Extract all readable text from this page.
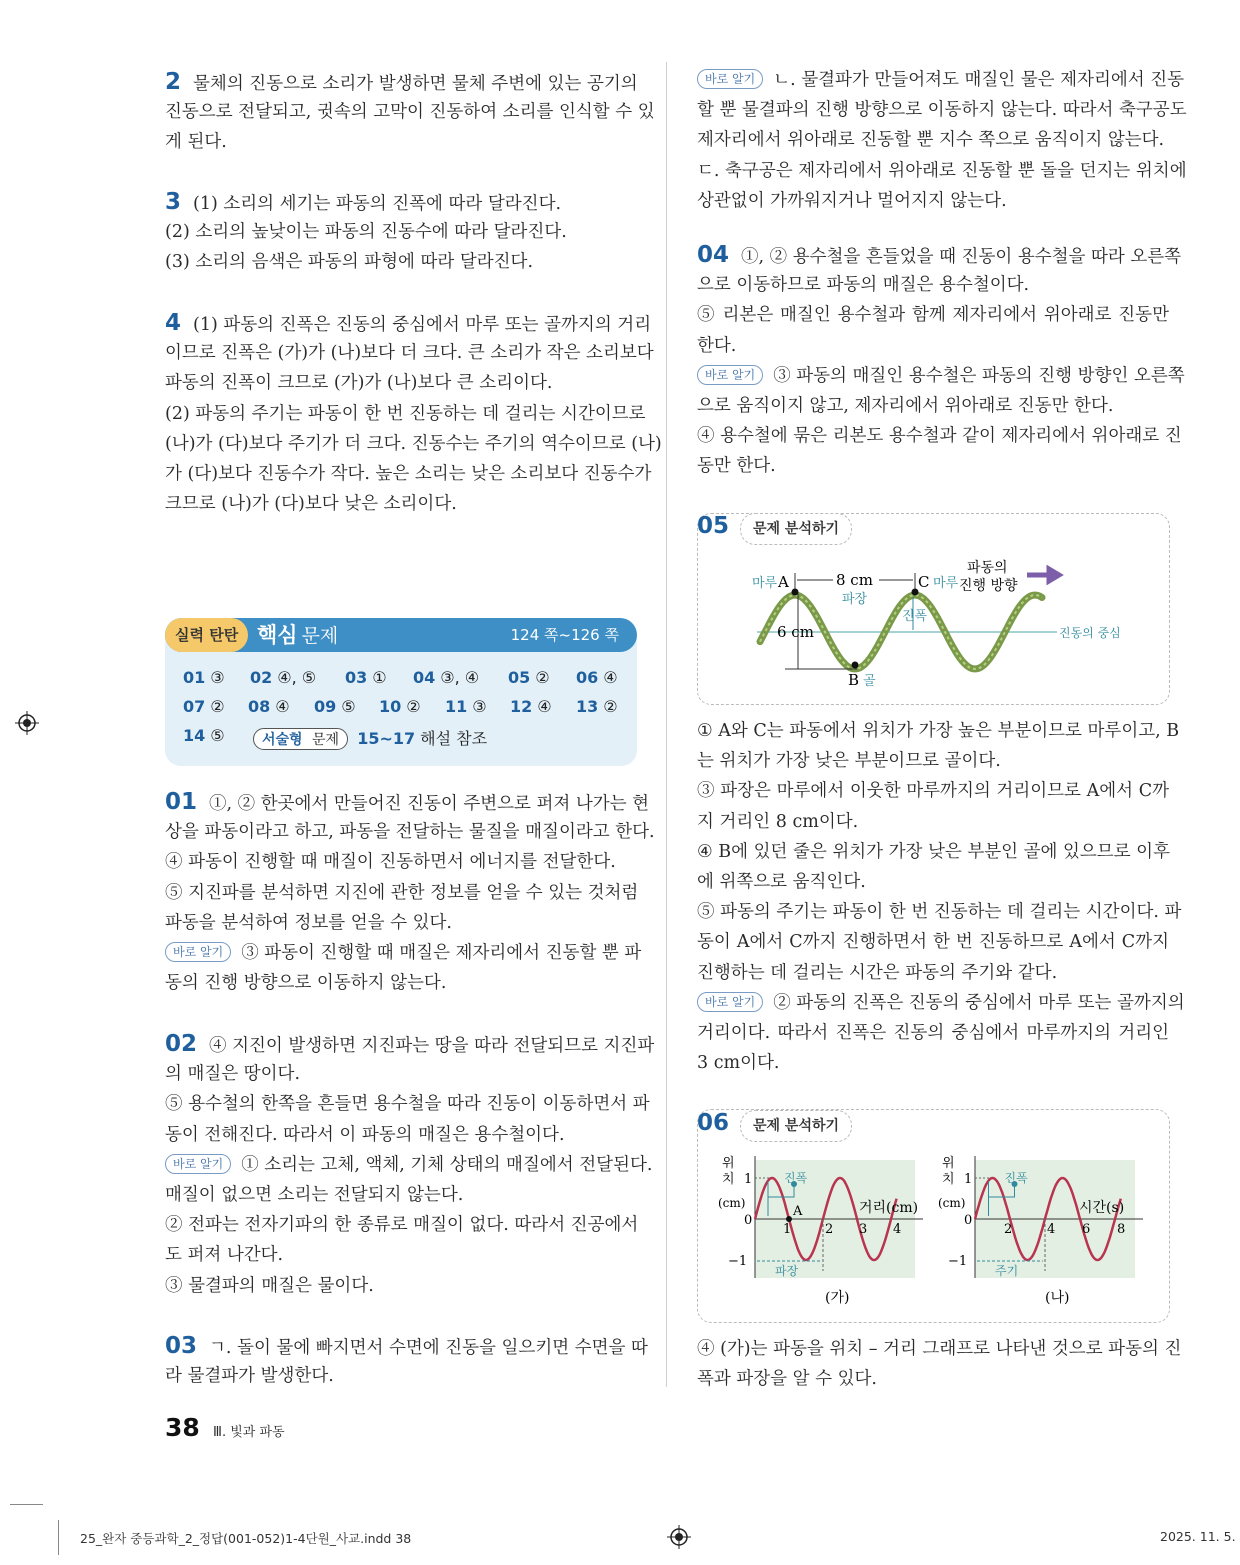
2 물체의 진동으로 소리가 발생하면 물체 주변에 있는 공기의
진동으로 전달되고, 귓속의 고막이 진동하여 소리를 인식할 수 있
게 된다.
3 (1) 소리의 세기는 파동의 진폭에 따라 달라진다.
(2) 소리의 높낮이는 파동의 진동수에 따라 달라진다.
(3) 소리의 음색은 파동의 파형에 따라 달라진다.
4 (1) 파동의 진폭은 진동의 중심에서 마루 또는 골까지의 거리
이므로 진폭은 (가)가 (나)보다 더 크다. 큰 소리가 작은 소리보다
파동의 진폭이 크므로 (가)가 (나)보다 큰 소리이다.
(2) 파동의 주기는 파동이 한 번 진동하는 데 걸리는 시간이므로
(나)가 (다)보다 주기가 더 크다. 진동수는 주기의 역수이므로 (나)
가 (다)보다 진동수가 작다. 높은 소리는 낮은 소리보다 진동수가
크므로 (나)가 (다)보다 낮은 소리이다.
실력 탄탄 핵심 문제	124 쪽~126 쪽
01 ③ 02 ④, ⑤ 03 ① 04 ③, ④ 05 ② 06 ④
07 ② 08 ④ 09 ⑤ 10 ② 11 ③ 12 ④ 13 ②
14 ⑤	서술형 문제 15~17 해설 참조
01 ①, ② 한곳에서 만들어진 진동이 주변으로 퍼져 나가는 현
상을 파동이라고 하고, 파동을 전달하는 물질을 매질이라고 한다.
④ 파동이 진행할 때 매질이 진동하면서 에너지를 전달한다.
⑤ 지진파를 분석하면 지진에 관한 정보를 얻을 수 있는 것처럼
파동을 분석하여 정보를 얻을 수 있다.
바로 알기 ③ 파동이 진행할 때 매질은 제자리에서 진동할 뿐 파
동의 진행 방향으로 이동하지 않는다.
02 ④ 지진이 발생하면 지진파는 땅을 따라 전달되므로 지진파
의 매질은 땅이다.
⑤ 용수철의 한쪽을 흔들면 용수철을 따라 진동이 이동하면서 파
동이 전해진다. 따라서 이 파동의 매질은 용수철이다.
바로 알기 ① 소리는 고체, 액체, 기체 상태의 매질에서 전달된다.
매질이 없으면 소리는 전달되지 않는다.
② 전파는 전자기파의 한 종류로 매질이 없다. 따라서 진공에서
도 퍼져 나간다.
③ 물결파의 매질은 물이다.
03 ㄱ. 돌이 물에 빠지면서 수면에 진동을 일으키면 수면을 따
라 물결파가 발생한다.
바로 알기 ㄴ. 물결파가 만들어져도 매질인 물은 제자리에서 진동
할 뿐 물결파의 진행 방향으로 이동하지 않는다. 따라서 축구공도
제자리에서 위아래로 진동할 뿐 지수 쪽으로 움직이지 않는다.
ㄷ. 축구공은 제자리에서 위아래로 진동할 뿐 돌을 던지는 위치에
상관없이 가까워지거나 멀어지지 않는다.
04 ①, ② 용수철을 흔들었을 때 진동이 용수철을 따라 오른쪽
으로 이동하므로 파동의 매질은 용수철이다.
⑤ 리본은 매질인 용수철과 함께 제자리에서 위아래로 진동만
한다.
바로 알기 ③ 파동의 매질인 용수철은 파동의 진행 방향인 오른쪽
으로 움직이지 않고, 제자리에서 위아래로 진동만 한다.
④ 용수철에 묶은 리본도 용수철과 같이 제자리에서 위아래로 진
동만 한다.
05	문제 분석하기
마루 A	8 cm
파장
C 마루
파동의
진행 방향
진폭
6 cm	진동의 중심
B 골
① A와 C는 파동에서 위치가 가장 높은 부분이므로 마루이고, B
는 위치가 가장 낮은 부분이므로 골이다.
③ 파장은 마루에서 이웃한 마루까지의 거리이므로 A에서 C까
지 거리인 8 cm이다.
④ B에 있던 줄은 위치가 가장 낮은 부분인 골에 있으므로 이후
에 위쪽으로 움직인다.
⑤ 파동의 주기는 파동이 한 번 진동하는 데 걸리는 시간이다. 파
동이 A에서 C까지 진행하면서 한 번 진동하므로 A에서 C까지
진행하는 데 걸리는 시간은 파동의 주기와 같다.
바로 알기 ② 파동의 진폭은 진동의 중심에서 마루 또는 골까지의
거리이다. 따라서 진폭은 진동의 중심에서 마루까지의 거리인
3 cm이다.
06	문제 분석하기
위
치
(cm)
1
0
−1
진폭
파장
거리(cm)
(가)
1	2 3 4
A
위
치
(cm)
1
0
−1
진폭
주기
시간(s)
(나)
2	4 6 8
④ (가)는 파동을 위치 – 거리 그래프로 나타낸 것으로 파동의 진
폭과 파장을 알 수 있다.
38 Ⅲ. 빛과 파동
25_완자 중등과학_2_정답(001-052)1-4단원_사교.indd 38	2025. 11. 5.
